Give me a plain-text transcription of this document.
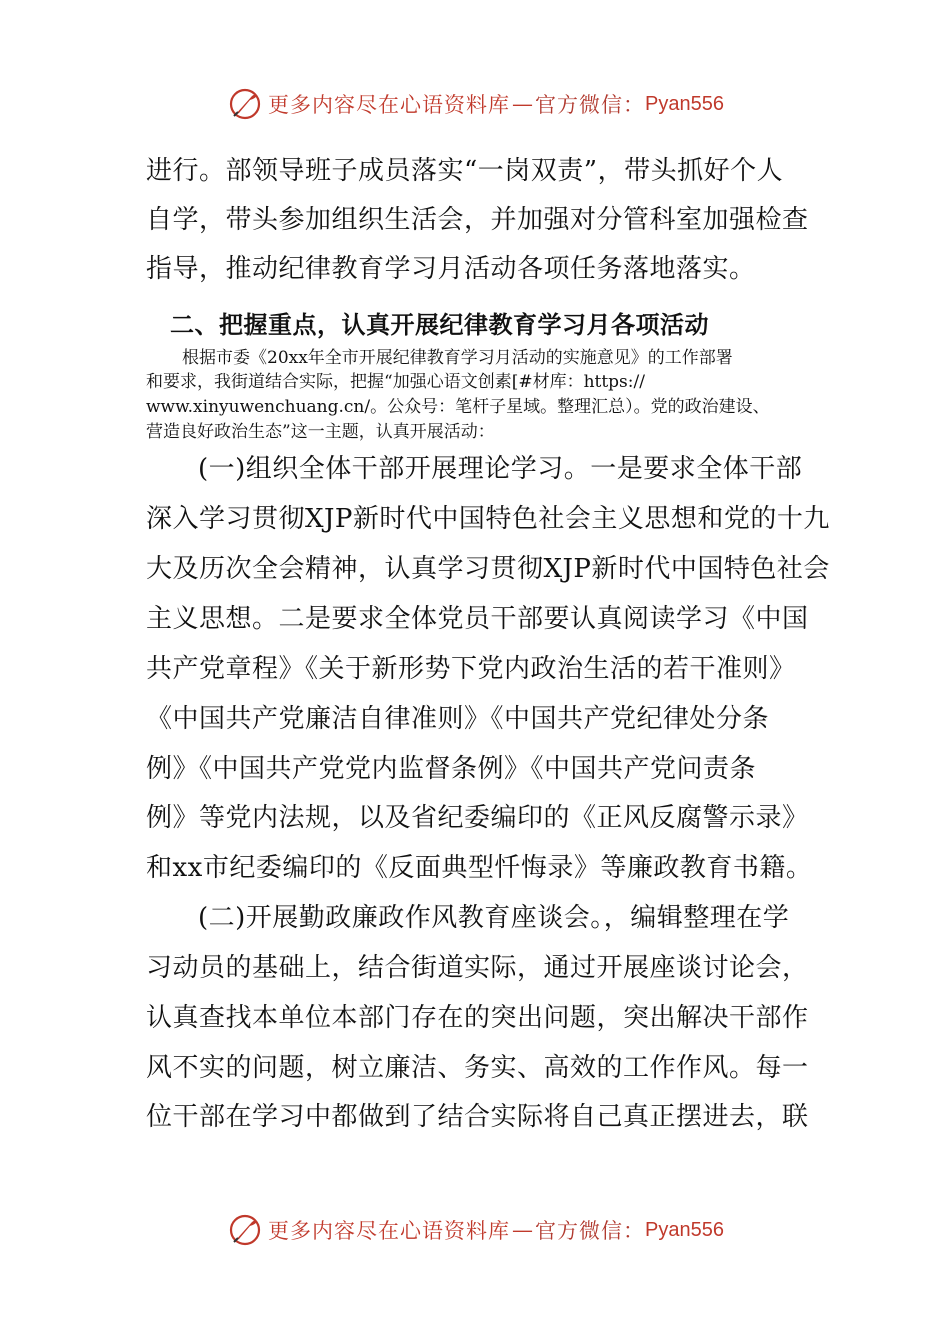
更多内容尽在心语资料库 — 官方微信： Pyan556
进行。部领导班子成员落实“一岗双责”，带头抓好个人
自学，带头参加组织生活会，并加强对分管科室加强检查
指导，推动纪律教育学习月活动各项任务落地落实。
二、把握重点，认真开展纪律教育学习月各项活动
根据市委《20xx年全市开展纪律教育学习月活动的实施意见》的工作部署
和要求，我街道结合实际，把握“加强心语文创素[#材库：https://
www.xinyuwenchuang.cn/。公众号：笔杆子星域。整理汇总）。党的政治建设、
营造良好政治生态”这一主题，认真开展活动：
(一)组织全体干部开展理论学习。一是要求全体干部
深入学习贯彻XJP新时代中国特色社会主义思想和党的十九
大及历次全会精神，认真学习贯彻XJP新时代中国特色社会
主义思想。二是要求全体党员干部要认真阅读学习《中国
共产党章程》《关于新形势下党内政治生活的若干准则》
《中国共产党廉洁自律准则》《中国共产党纪律处分条
例》《中国共产党党内监督条例》《中国共产党问责条
例》等党内法规，以及省纪委编印的《正风反腐警示录》
和xx市纪委编印的《反面典型忏悔录》等廉政教育书籍。
(二)开展勤政廉政作风教育座谈会。，编辑整理在学
习动员的基础上，结合街道实际，通过开展座谈讨论会，
认真查找本单位本部门存在的突出问题，突出解决干部作
风不实的问题，树立廉洁、务实、高效的工作作风。每一
位干部在学习中都做到了结合实际将自己真正摆进去，联
更多内容尽在心语资料库 — 官方微信： Pyan556
